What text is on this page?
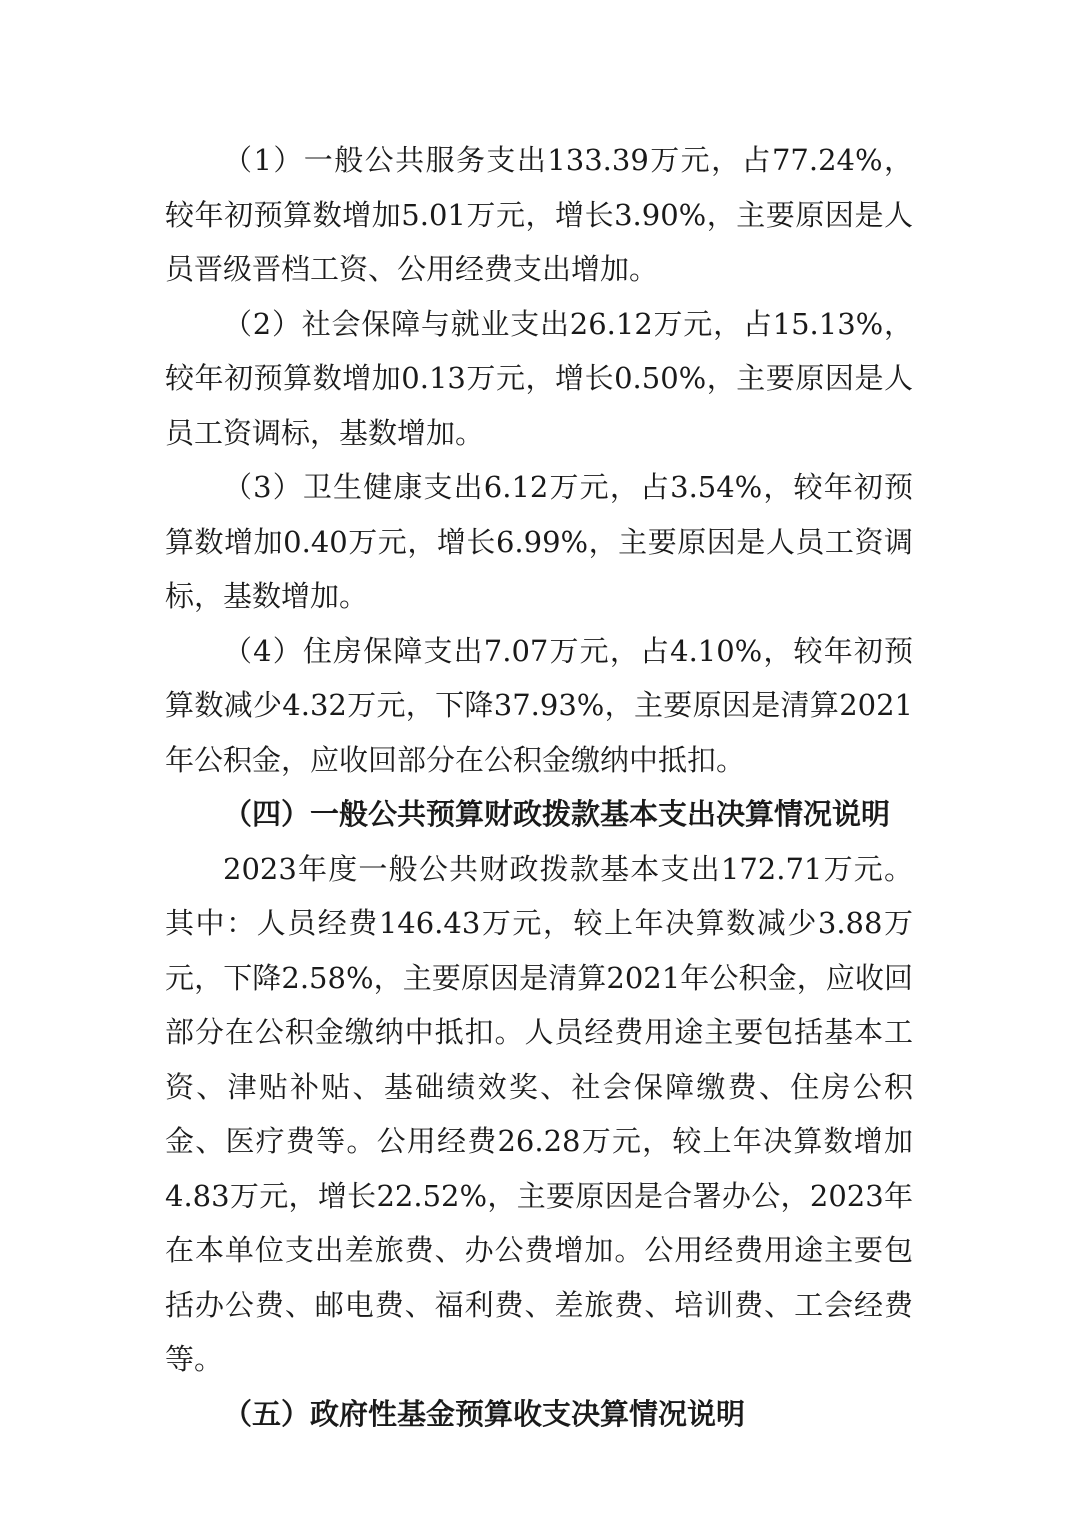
（1）一般公共服务支出133.39万元，占77.24%，较年初预算数增加5.01万元，增长3.90%，主要原因是人员晋级晋档工资、公用经费支出增加。

（2）社会保障与就业支出26.12万元，占15.13%，较年初预算数增加0.13万元，增长0.50%，主要原因是人员工资调标，基数增加。

（3）卫生健康支出6.12万元，占3.54%，较年初预算数增加0.40万元，增长6.99%，主要原因是人员工资调标，基数增加。

（4）住房保障支出7.07万元，占4.10%，较年初预算数减少4.32万元，下降37.93%，主要原因是清算2021年公积金，应收回部分在公积金缴纳中抵扣。

（四）一般公共预算财政拨款基本支出决算情况说明

2023年度一般公共财政拨款基本支出172.71万元。其中：人员经费146.43万元，较上年决算数减少3.88万元，下降2.58%，主要原因是清算2021年公积金，应收回部分在公积金缴纳中抵扣。人员经费用途主要包括基本工资、津贴补贴、基础绩效奖、社会保障缴费、住房公积金、医疗费等。公用经费26.28万元，较上年决算数增加4.83万元，增长22.52%，主要原因是合署办公，2023年在本单位支出差旅费、办公费增加。公用经费用途主要包括办公费、邮电费、福利费、差旅费、培训费、工会经费等。

（五）政府性基金预算收支决算情况说明
